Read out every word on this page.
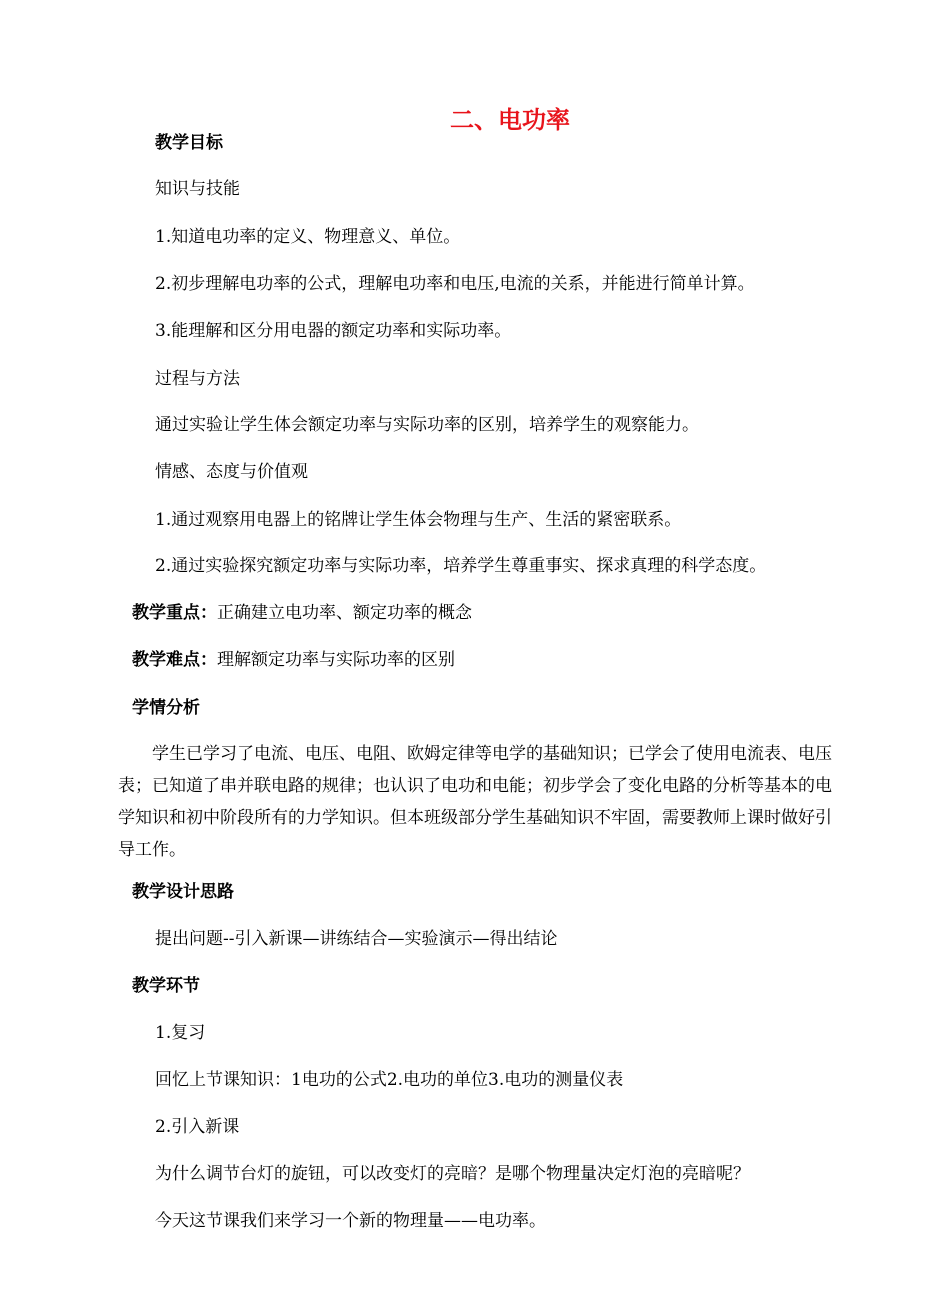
二、电功率
教学目标
知识与技能
1.知道电功率的定义、物理意义、单位。
2.初步理解电功率的公式，理解电功率和电压,电流的关系，并能进行简单计算。
3.能理解和区分用电器的额定功率和实际功率。
过程与方法
通过实验让学生体会额定功率与实际功率的区别，培养学生的观察能力。
情感、态度与价值观
1.通过观察用电器上的铭牌让学生体会物理与生产、生活的紧密联系。
2.通过实验探究额定功率与实际功率，培养学生尊重事实、探求真理的科学态度。
教学重点：正确建立电功率、额定功率的概念
教学难点：理解额定功率与实际功率的区别
学情分析
学生已学习了电流、电压、电阻、欧姆定律等电学的基础知识；已学会了使用电流表、电压表；已知道了串并联电路的规律；也认识了电功和电能；初步学会了变化电路的分析等基本的电学知识和初中阶段所有的力学知识。但本班级部分学生基础知识不牢固，需要教师上课时做好引导工作。
教学设计思路
提出问题--引入新课—讲练结合—实验演示—得出结论
教学环节
1.复习
回忆上节课知识：1电功的公式2.电功的单位3.电功的测量仪表
2.引入新课
为什么调节台灯的旋钮，可以改变灯的亮暗？是哪个物理量决定灯泡的亮暗呢？
今天这节课我们来学习一个新的物理量——电功率。
